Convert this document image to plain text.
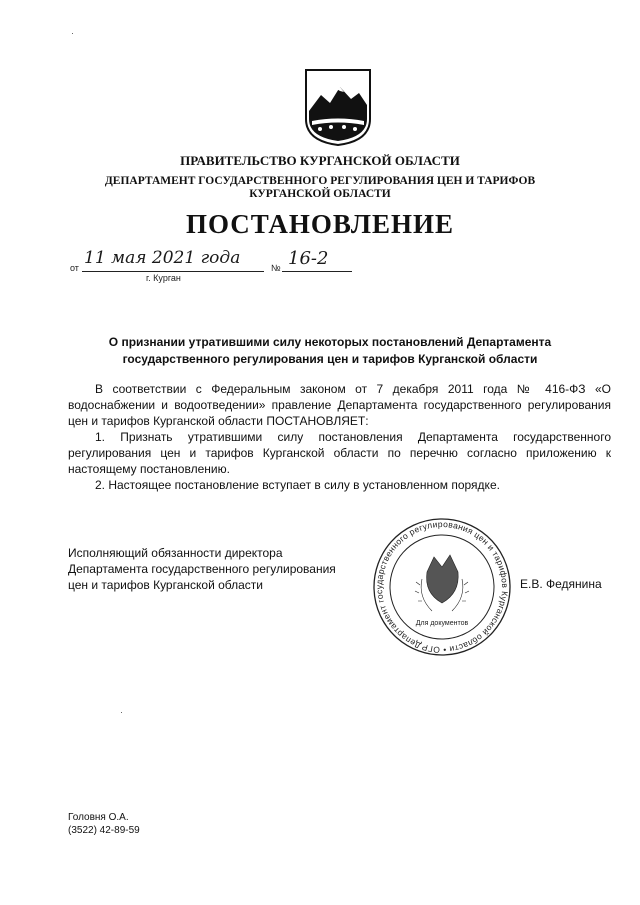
ПРАВИТЕЛЬСТВО КУРГАНСКОЙ ОБЛАСТИ
ДЕПАРТАМЕНТ ГОСУДАРСТВЕННОГО РЕГУЛИРОВАНИЯ ЦЕН И ТАРИФОВ
КУРГАНСКОЙ ОБЛАСТИ
ПОСТАНОВЛЕНИЕ
от 11 мая 2021 года	№ 16-2
г. Курган
О признании утратившими силу некоторых постановлений Департамента
государственного регулирования цен и тарифов Курганской области

В соответствии с Федеральным законом от 7 декабря 2011 года № 416-ФЗ «О водоснабжении и водоотведении» правление Департамента государственного регулирования цен и тарифов Курганской области ПОСТАНОВЛЯЕТ:

1. Признать утратившими силу постановления Департамента государственного регулирования цен и тарифов Курганской области по перечню согласно приложению к настоящему постановлению.

2. Настоящее постановление вступает в силу в установленном порядке.

Исполняющий обязанности директора
Департамента государственного регулирования
цен и тарифов Курганской области
Департамент государственного регулирования цен и тарифов Курганской области • ОГРН	Для документов
Е.В. Федянина
Головня О.А.
(3522) 42-89-59
